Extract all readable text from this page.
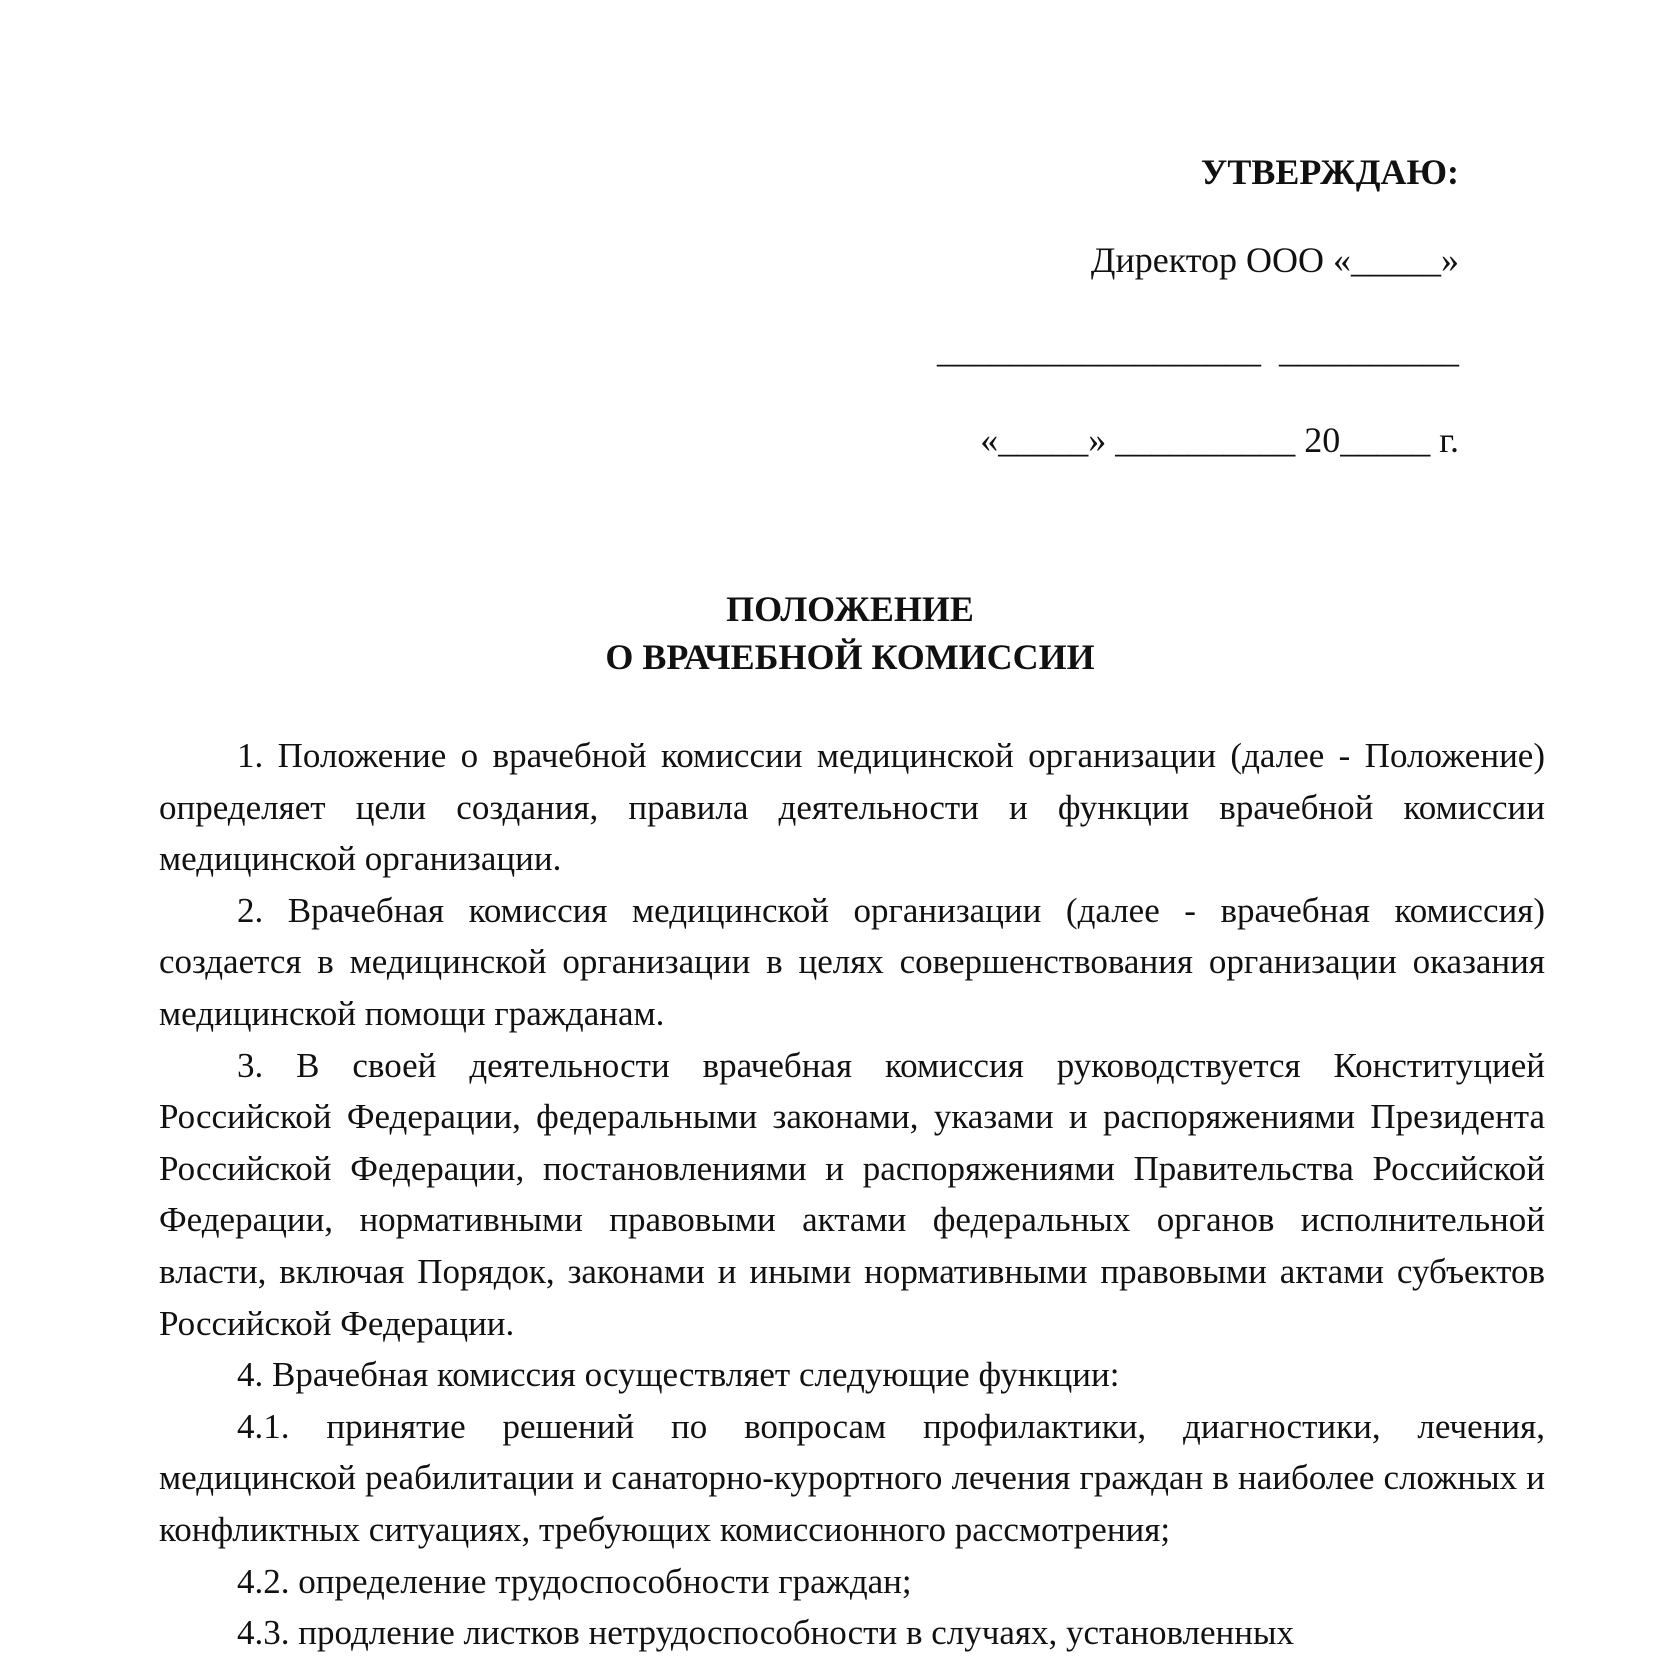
УТВЕРЖДАЮ:

Директор ООО «_____»

__________________  __________

«_____» __________ 20_____ г.

ПОЛОЖЕНИЕ
О ВРАЧЕБНОЙ КОМИССИИ

1. Положение о врачебной комиссии медицинской организации (далее - Положение) определяет цели создания, правила деятельности и функции врачебной комиссии медицинской организации.

2. Врачебная комиссия медицинской организации (далее - врачебная комиссия) создается в медицинской организации в целях совершенствования организации оказания медицинской помощи гражданам.

3. В своей деятельности врачебная комиссия руководствуется Конституцией Российской Федерации, федеральными законами, указами и распоряжениями Президента Российской Федерации, постановлениями и распоряжениями Правительства Российской Федерации, нормативными правовыми актами федеральных органов исполнительной власти, включая Порядок, законами и иными нормативными правовыми актами субъектов Российской Федерации.

4. Врачебная комиссия осуществляет следующие функции:

4.1. принятие решений по вопросам профилактики, диагностики, лечения, медицинской реабилитации и санаторно-курортного лечения граждан в наиболее сложных и конфликтных ситуациях, требующих комиссионного рассмотрения;

4.2. определение трудоспособности граждан;

4.3. продление листков нетрудоспособности в случаях, установленных
